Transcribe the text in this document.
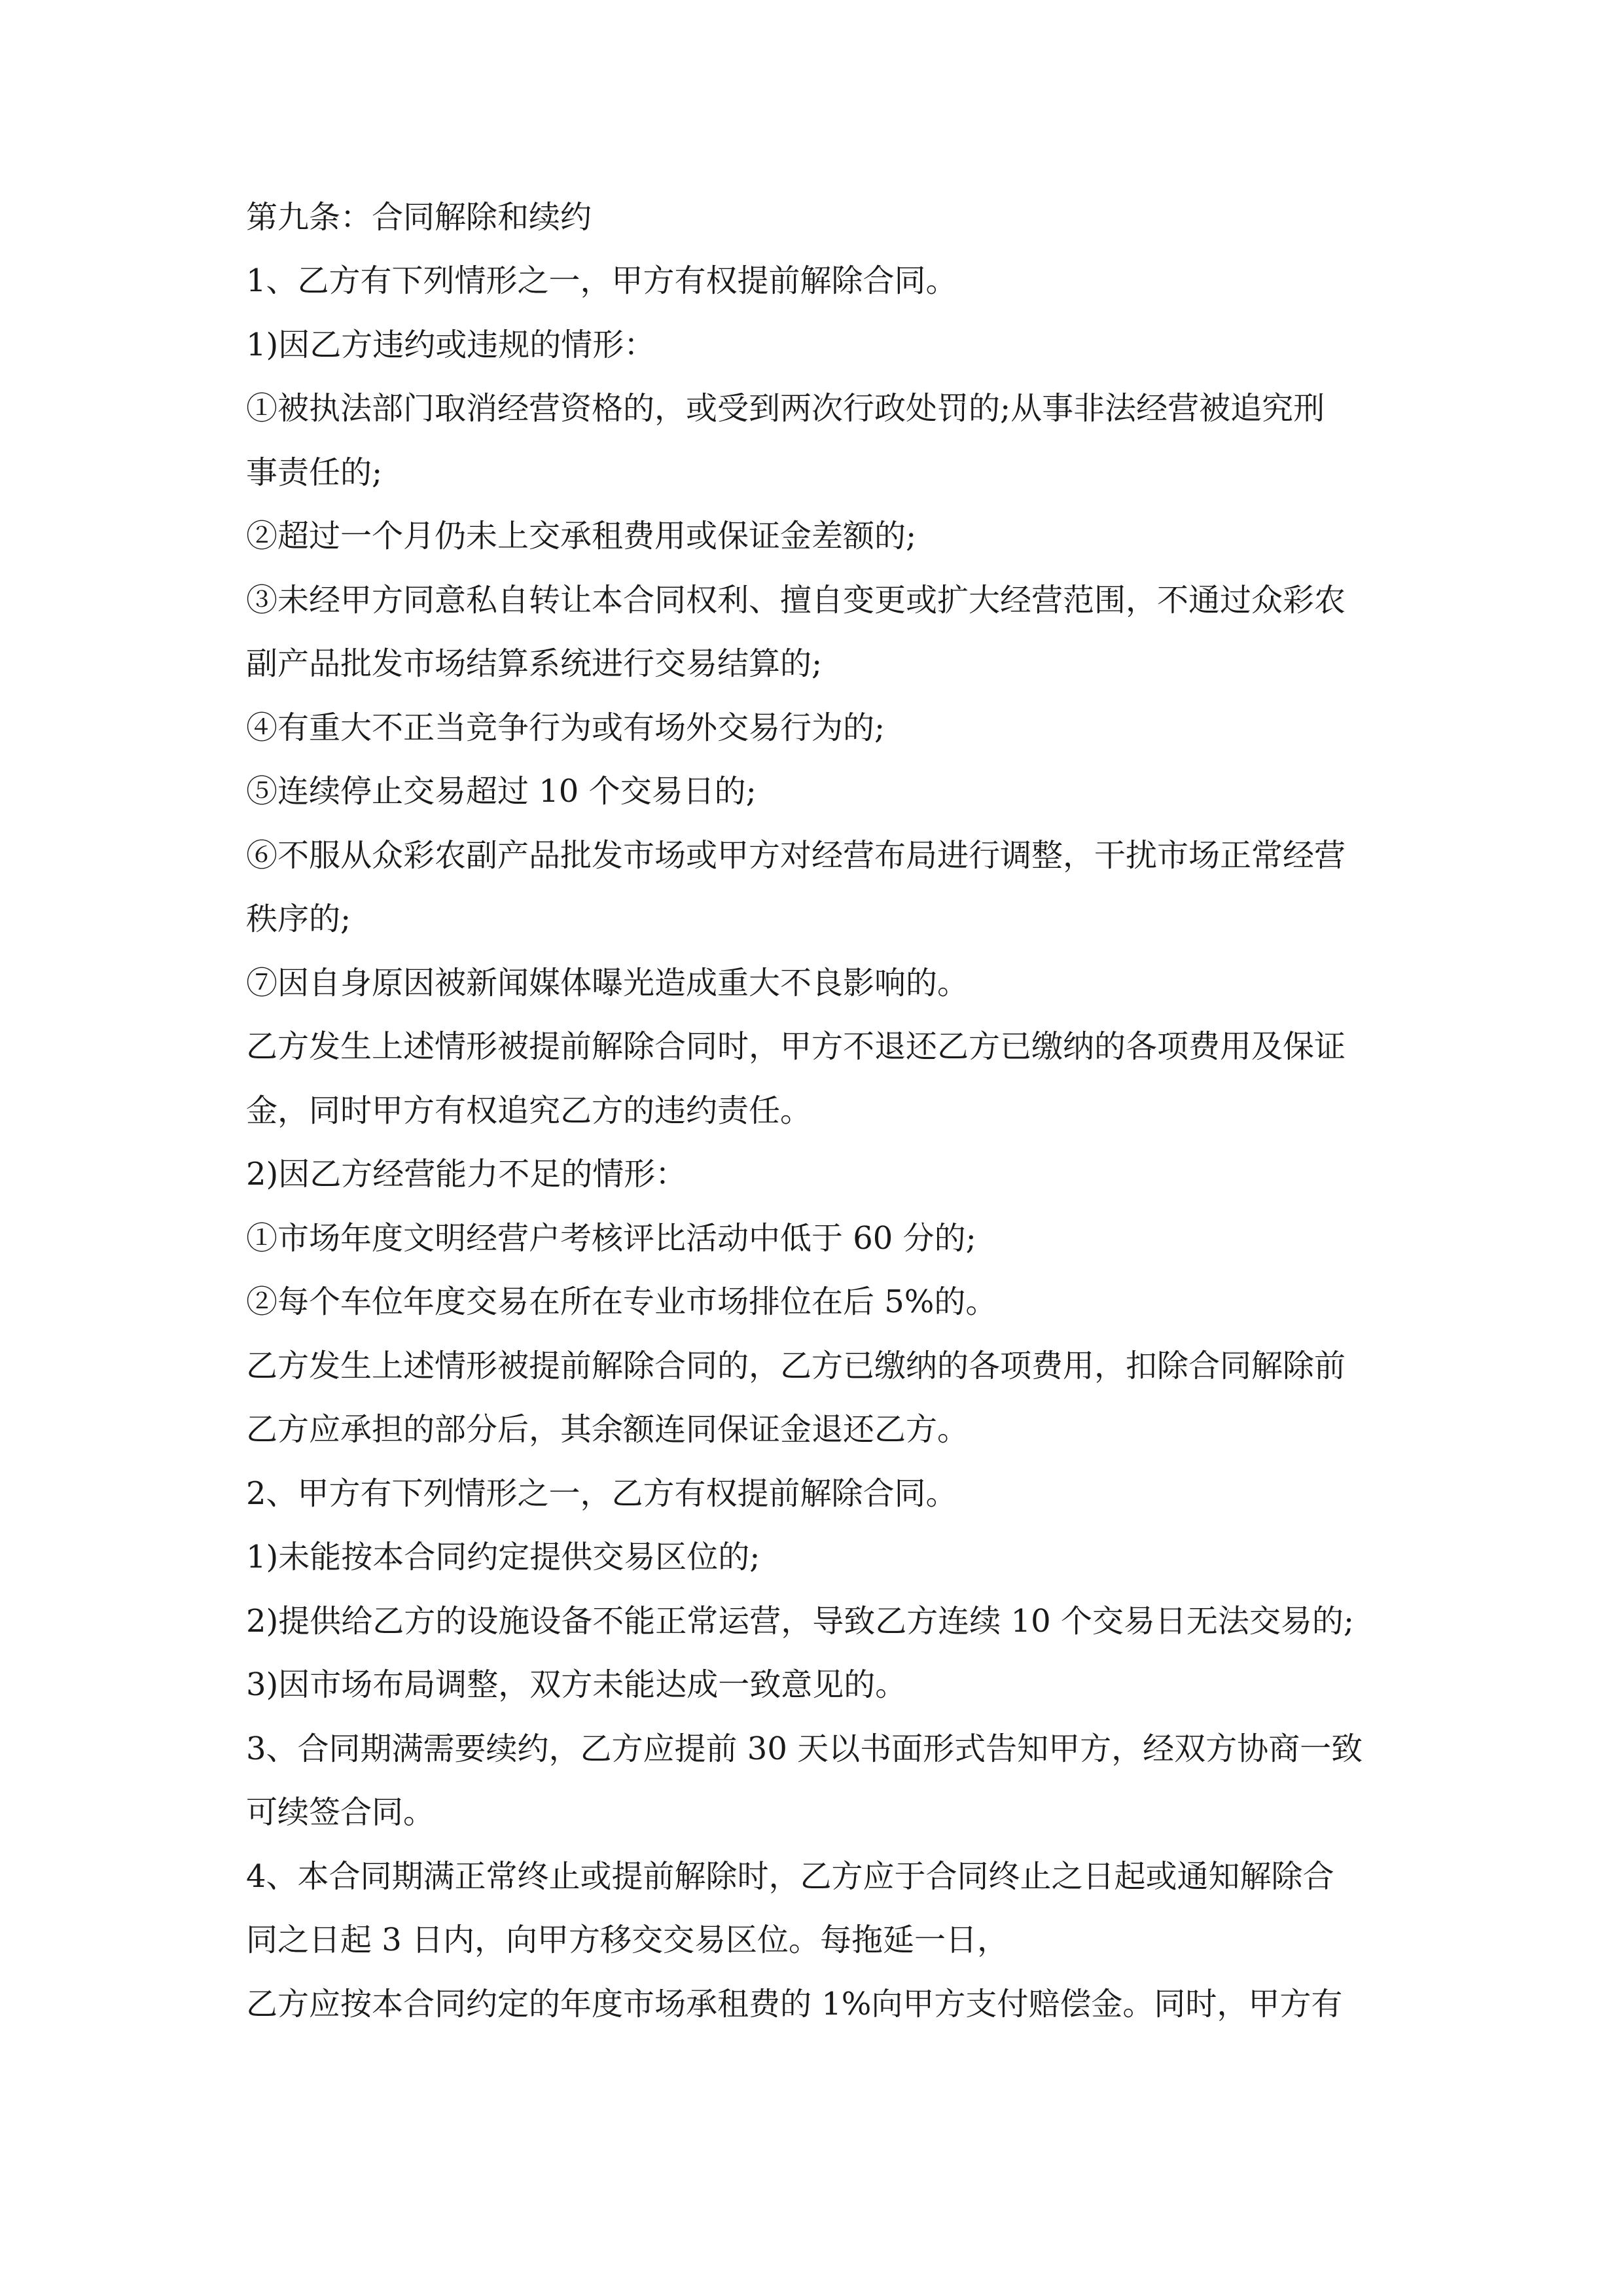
第九条：合同解除和续约
1、乙方有下列情形之一，甲方有权提前解除合同。
1)因乙方违约或违规的情形：
①被执法部门取消经营资格的，或受到两次行政处罚的;从事非法经营被追究刑
事责任的;
②超过一个月仍未上交承租费用或保证金差额的;
③未经甲方同意私自转让本合同权利、擅自变更或扩大经营范围，不通过众彩农
副产品批发市场结算系统进行交易结算的;
④有重大不正当竞争行为或有场外交易行为的;
⑤连续停止交易超过 10 个交易日的;
⑥不服从众彩农副产品批发市场或甲方对经营布局进行调整，干扰市场正常经营
秩序的;
⑦因自身原因被新闻媒体曝光造成重大不良影响的。
乙方发生上述情形被提前解除合同时，甲方不退还乙方已缴纳的各项费用及保证
金，同时甲方有权追究乙方的违约责任。
2)因乙方经营能力不足的情形：
①市场年度文明经营户考核评比活动中低于 60 分的;
②每个车位年度交易在所在专业市场排位在后 5%的。
乙方发生上述情形被提前解除合同的，乙方已缴纳的各项费用，扣除合同解除前
乙方应承担的部分后，其余额连同保证金退还乙方。
2、甲方有下列情形之一，乙方有权提前解除合同。
1)未能按本合同约定提供交易区位的;
2)提供给乙方的设施设备不能正常运营，导致乙方连续 10 个交易日无法交易的;
3)因市场布局调整，双方未能达成一致意见的。
3、合同期满需要续约，乙方应提前 30 天以书面形式告知甲方，经双方协商一致
可续签合同。
4、本合同期满正常终止或提前解除时，乙方应于合同终止之日起或通知解除合
同之日起 3 日内，向甲方移交交易区位。每拖延一日，
乙方应按本合同约定的年度市场承租费的 1%向甲方支付赔偿金。同时，甲方有
